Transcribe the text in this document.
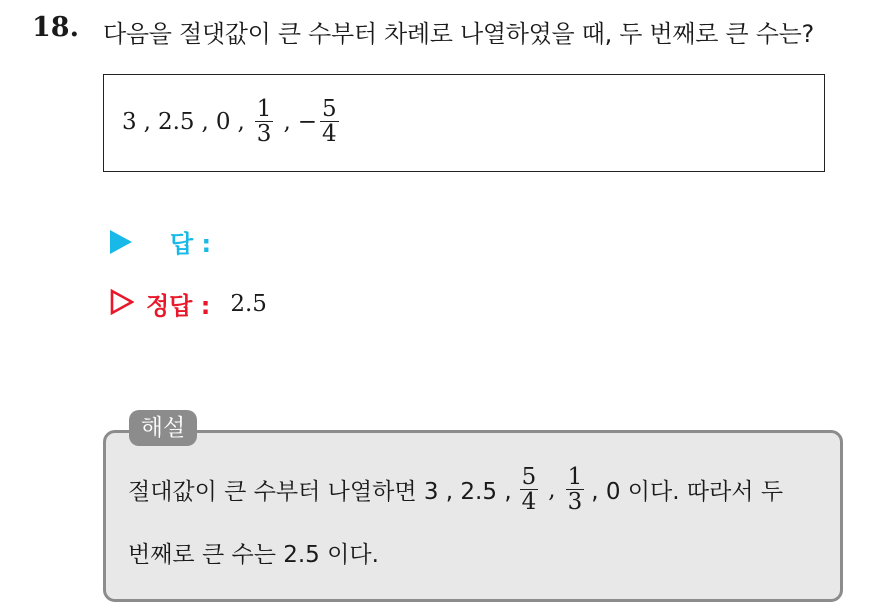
18. 다음을 절댓값이 큰 수부터 차례로 나열하였을 때, 두 번째로 큰 수는?
3 , 2.5 , 0 , $\frac{1}{3}$ , − $\frac{5}{4}$
답 :
정답 : 2.5
해설
절대값이 큰 수부터 나열하면 3 , 2.5 , $\frac{5}{4}$ , $\frac{1}{3}$ , 0 이다. 따라서 두
번째로 큰 수는 2.5 이다.
